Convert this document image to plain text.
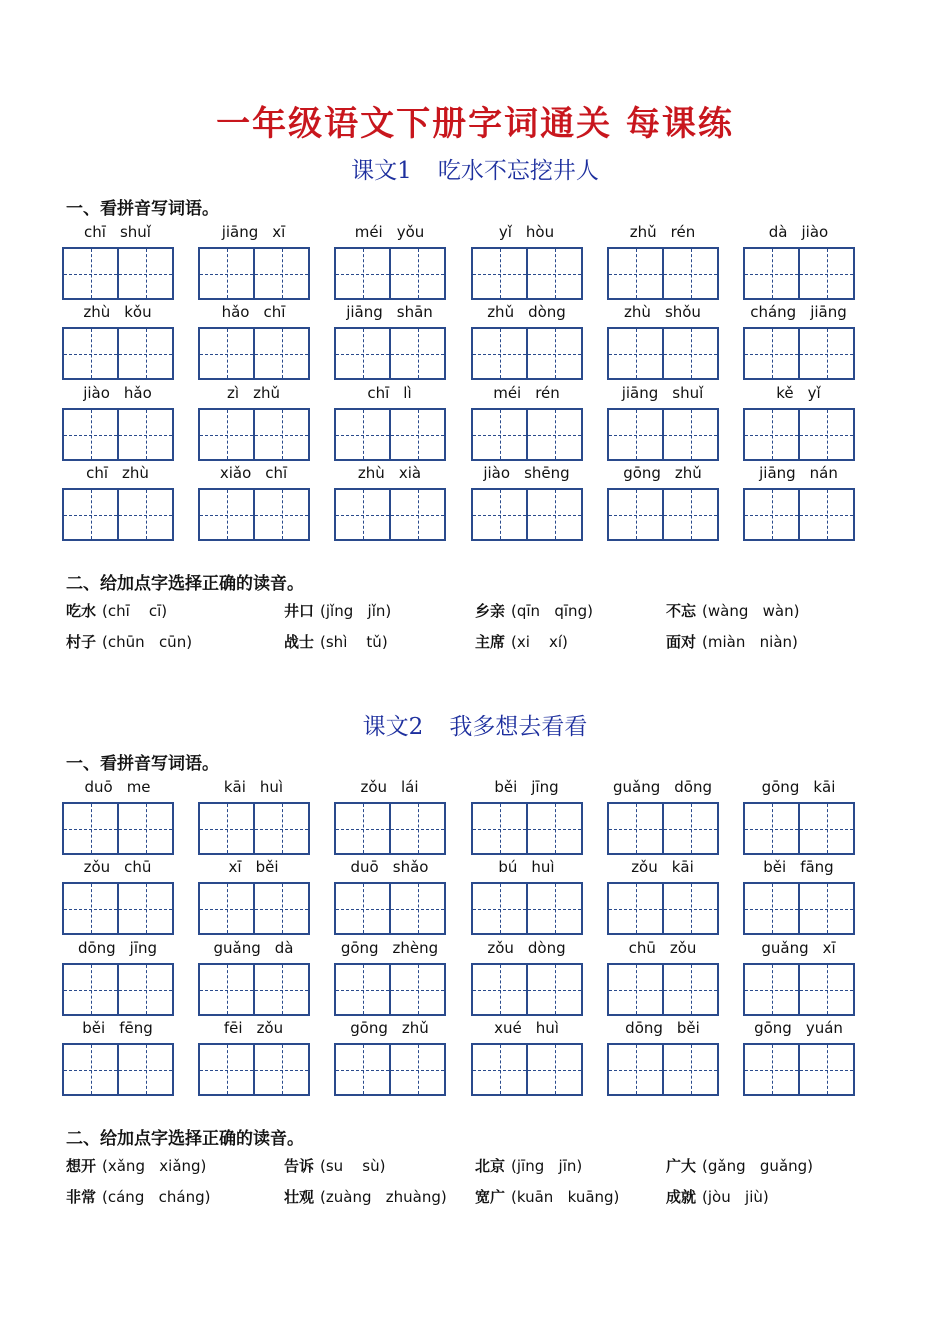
一年级语文下册字词通关 每课练
课文1 吃水不忘挖井人
一、看拼音写词语。
chī shuǐ	jiāng xī	méi yǒu	yǐ hòu	zhǔ rén	dà jiào
zhù kǒu	hǎo chī	jiāng shān	zhǔ dòng	zhù shǒu	cháng jiāng
jiào hǎo	zì zhǔ	chī lì	méi rén	jiāng shuǐ	kě yǐ
chī zhù	xiǎo chī	zhù xià	jiào shēng	gōng zhǔ	jiāng nán
二、给加点字选择正确的读音。
吃水 (chī    cī)	井口 (jǐng   jǐn)	乡亲 (qīn   qīng)	不忘 (wàng   wàn)
村子 (chūn   cūn)	战士 (shì    tǔ)	主席 (xi    xí)	面对 (miàn   niàn)
课文2 我多想去看看
一、看拼音写词语。
duō me	kāi huì	zǒu lái	běi jīng	guǎng dōng	gōng kāi
zǒu chū	xī běi	duō shǎo	bú huì	zǒu kāi	běi fāng
dōng jīng	guǎng dà	gōng zhèng	zǒu dòng	chū zǒu	guǎng xī
běi fēng	fēi zǒu	gōng zhǔ	xué huì	dōng běi	gōng yuán
二、给加点字选择正确的读音。
想开 (xǎng   xiǎng)	告诉 (su    sù)	北京 (jīng   jīn)	广大 (gǎng   guǎng)
非常 (cáng   cháng)	壮观 (zuàng   zhuàng) 宽广 (kuān   kuāng)	成就 (jòu   jiù)
